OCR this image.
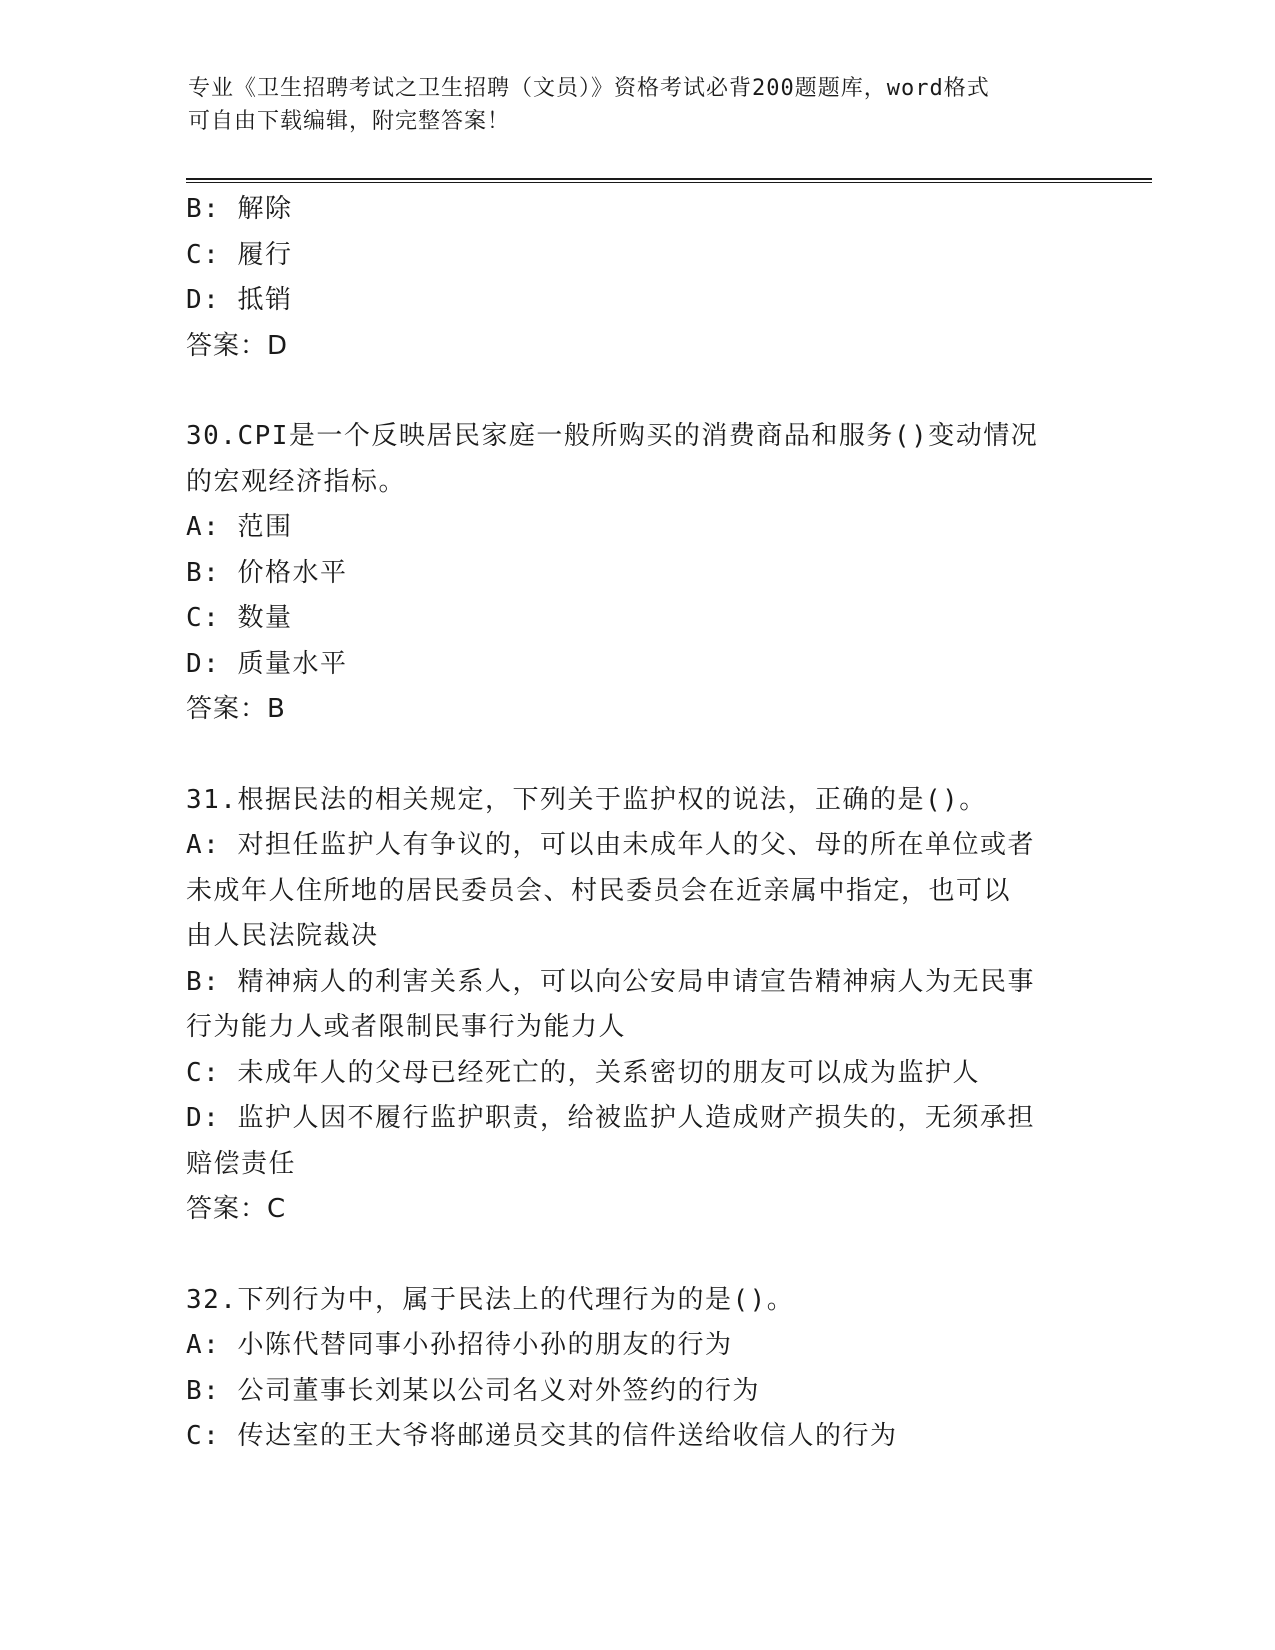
专业《卫生招聘考试之卫生招聘（文员）》资格考试必背200题题库，word格式
可自由下载编辑，附完整答案！

B: 解除

C: 履行

D: 抵销

答案：D

30.CPI是一个反映居民家庭一般所购买的消费商品和服务()变动情况

的宏观经济指标。

A: 范围

B: 价格水平

C: 数量

D: 质量水平

答案：B

31.根据民法的相关规定，下列关于监护权的说法，正确的是()。

A: 对担任监护人有争议的，可以由未成年人的父、母的所在单位或者

未成年人住所地的居民委员会、村民委员会在近亲属中指定，也可以

由人民法院裁决

B: 精神病人的利害关系人，可以向公安局申请宣告精神病人为无民事

行为能力人或者限制民事行为能力人

C: 未成年人的父母已经死亡的，关系密切的朋友可以成为监护人

D: 监护人因不履行监护职责，给被监护人造成财产损失的，无须承担

赔偿责任

答案：C

32.下列行为中，属于民法上的代理行为的是()。

A: 小陈代替同事小孙招待小孙的朋友的行为

B: 公司董事长刘某以公司名义对外签约的行为

C: 传达室的王大爷将邮递员交其的信件送给收信人的行为
